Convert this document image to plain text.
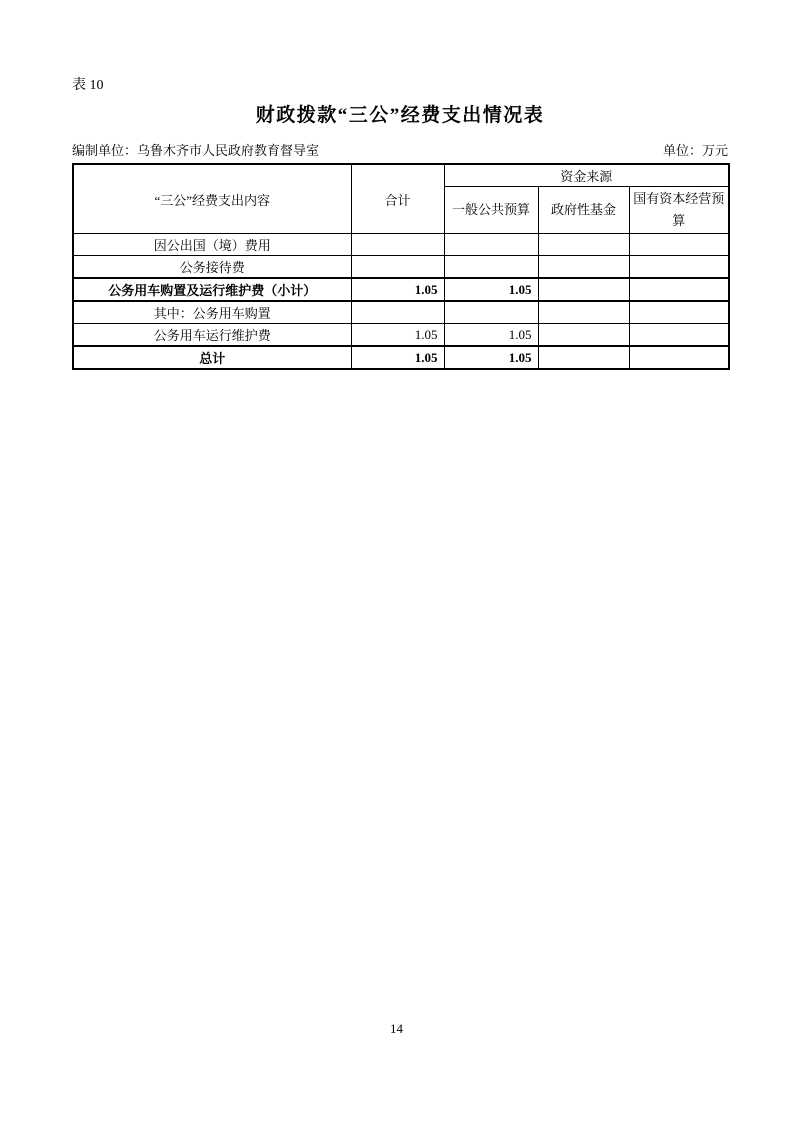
表 10
财政拨款“三公”经费支出情况表
编制单位：乌鲁木齐市人民政府教育督导室	单位：万元
“三公”经费支出内容	合计	资金来源		
		一般公共预算	政府性基金	国有资本经营预算
因公出国（境）费用				
公务接待费				
公务用车购置及运行维护费（小计）	1.05	1.05		
其中：公务用车购置				
公务用车运行维护费	1.05	1.05		
总计	1.05	1.05		
14
